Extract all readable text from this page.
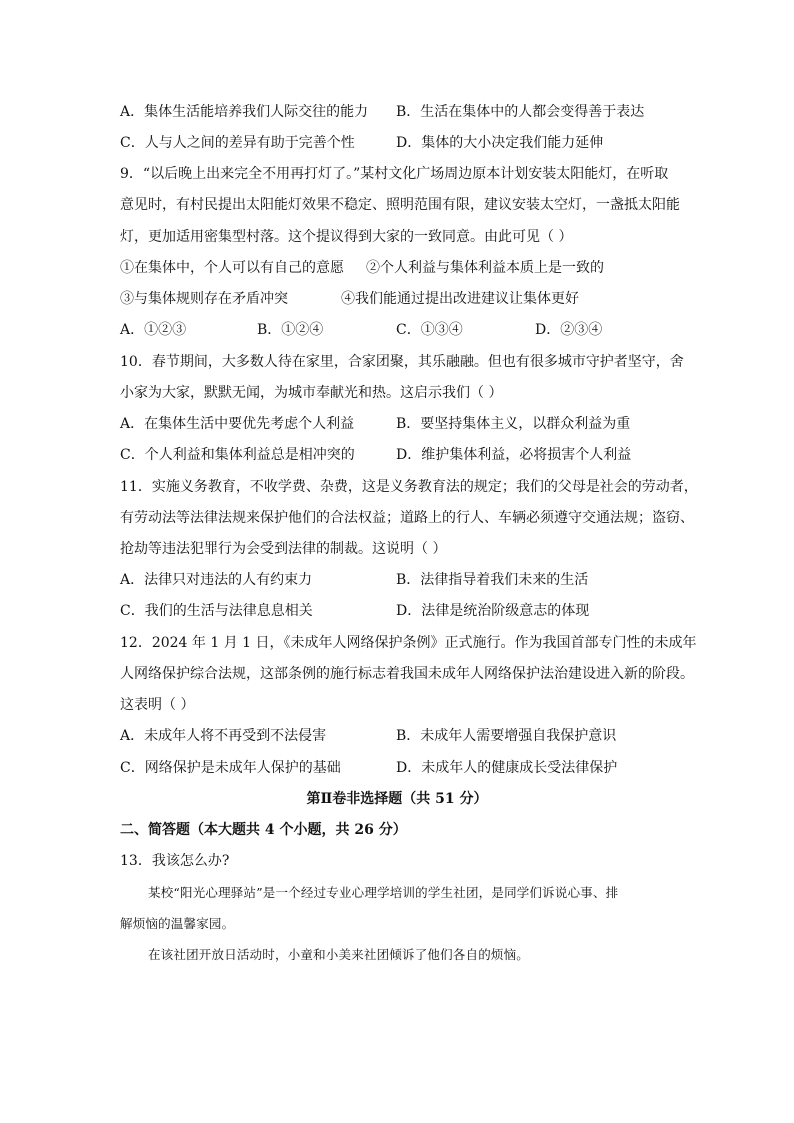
A．集体生活能培养我们人际交往的能力 B．生活在集体中的人都会变得善于表达
C．人与人之间的差异有助于完善个性	D．集体的大小决定我们能力延伸
9．“以后晚上出来完全不用再打灯了。”某村文化广场周边原本计划安装太阳能灯，在听取
意见时，有村民提出太阳能灯效果不稳定、照明范围有限，建议安装太空灯，一盏抵太阳能
灯，更加适用密集型村落。这个提议得到大家的一致同意。由此可见（ ）
①在集体中，个人可以有自己的意愿 ②个人利益与集体利益本质上是一致的
③与集体规则存在矛盾冲突	④我们能通过提出改进建议让集体更好
A．①②③	B．①②④	C．①③④	D．②③④
10．春节期间，大多数人待在家里，合家团聚，其乐融融。但也有很多城市守护者坚守，舍
小家为大家，默默无闻，为城市奉献光和热。这启示我们（ ）
A．在集体生活中要优先考虑个人利益	B．要坚持集体主义，以群众利益为重
C．个人利益和集体利益总是相冲突的	D．维护集体利益，必将损害个人利益
11．实施义务教育，不收学费、杂费，这是义务教育法的规定；我们的父母是社会的劳动者，
有劳动法等法律法规来保护他们的合法权益；道路上的行人、车辆必须遵守交通法规；盗窃、
抢劫等违法犯罪行为会受到法律的制裁。这说明（ ）
A．法律只对违法的人有约束力	B．法律指导着我们未来的生活
C．我们的生活与法律息息相关	D．法律是统治阶级意志的体现
12．2024 年 1 月 1 日，《未成年人网络保护条例》正式施行。作为我国首部专门性的未成年
人网络保护综合法规，这部条例的施行标志着我国未成年人网络保护法治建设进入新的阶段。
这表明（ ）
A．未成年人将不再受到不法侵害	B．未成年人需要增强自我保护意识
C．网络保护是未成年人保护的基础	D．未成年人的健康成长受法律保护
第Ⅱ卷非选择题（共 51 分）
二、简答题（本大题共 4 个小题，共 26 分）
13．我该怎么办?
某校“阳光心理驿站”是一个经过专业心理学培训的学生社团，是同学们诉说心事、排
解烦恼的温馨家园。
在该社团开放日活动时，小童和小美来社团倾诉了他们各自的烦恼。
